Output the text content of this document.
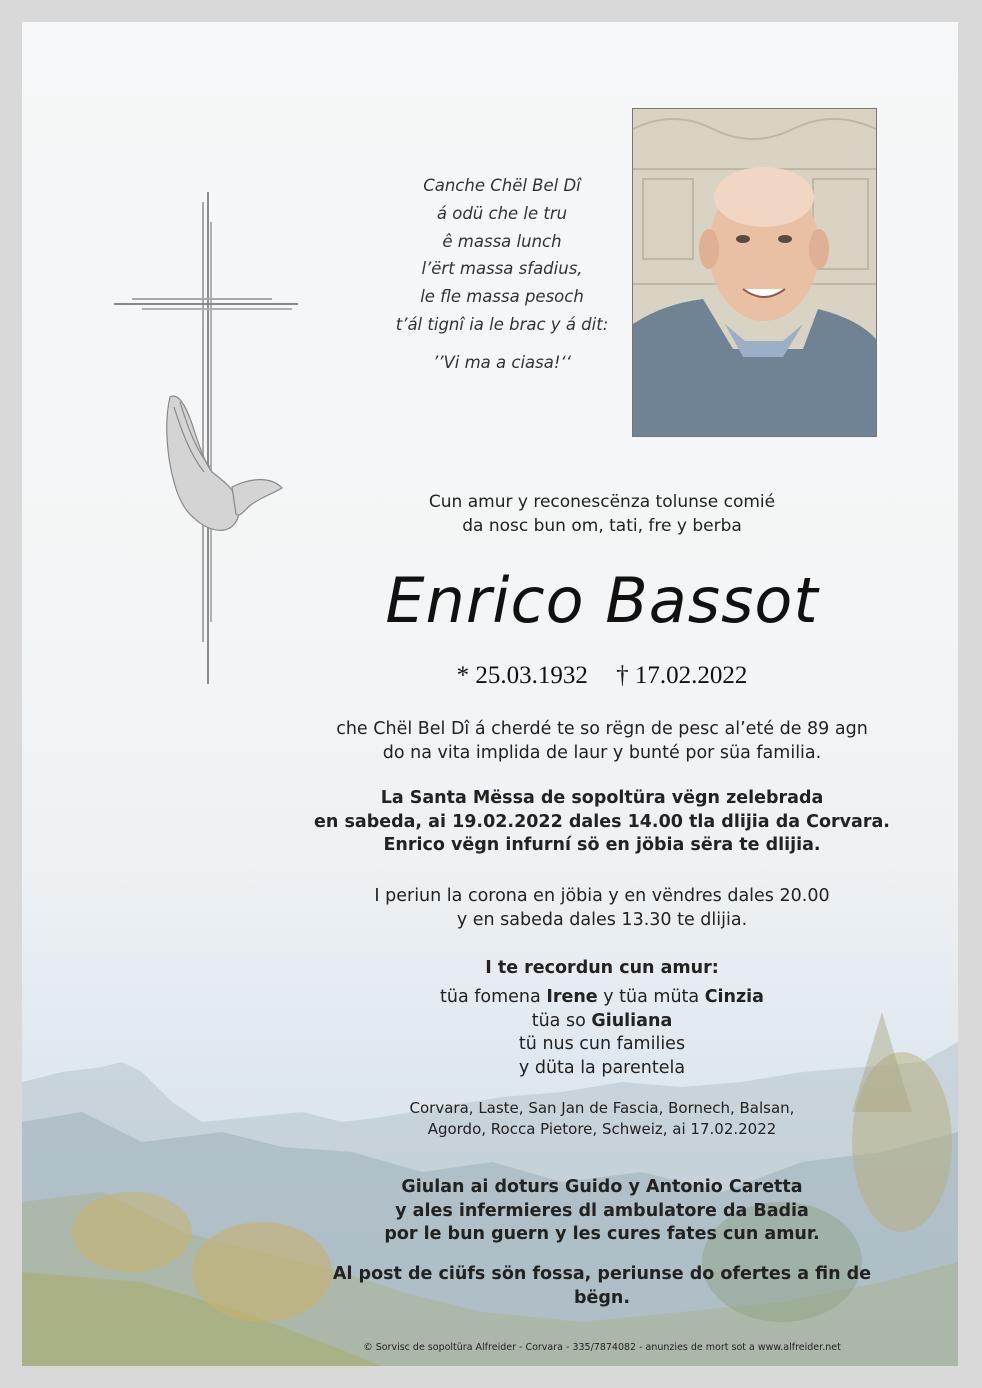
Canche Chël Bel Dî
á odü che le tru
ê massa lunch
l’ërt massa sfadius,
le fle massa pesoch
t’ál tignî ia le brac y á dit:
’’Vi ma a ciasa!‘‘
Cun amur y reconescënza tolunse comié
da nosc bun om, tati, fre y berba
Enrico Bassot
* 25.03.1932 † 17.02.2022
che Chël Bel Dî á cherdé te so rëgn de pesc al’eté de 89 agn
do na vita implida de laur y bunté por süa familia.
La Santa Mëssa de sopoltüra vëgn zelebrada
en sabeda, ai 19.02.2022 dales 14.00 tla dlijia da Corvara.
Enrico vëgn infurní sö en jöbia sëra te dlijia.
I periun la corona en jöbia y en vëndres dales 20.00
y en sabeda dales 13.30 te dlijia.
I te recordun cun amur:
tüa fomena Irene y tüa müta Cinzia
tüa so Giuliana
tü nus cun families
y düta la parentela
Corvara, Laste, San Jan de Fascia, Bornech, Balsan,
Agordo, Rocca Pietore, Schweiz, ai 17.02.2022
Giulan ai doturs Guido y Antonio Caretta
y ales infermieres dl ambulatore da Badia
por le bun guern y les cures fates cun amur.
Al post de ciüfs sön fossa, periunse do ofertes a fin de bëgn.
© Sorvisc de sopoltüra Alfreider - Corvara - 335/7874082 - anunzies de mort sot a www.alfreider.net
